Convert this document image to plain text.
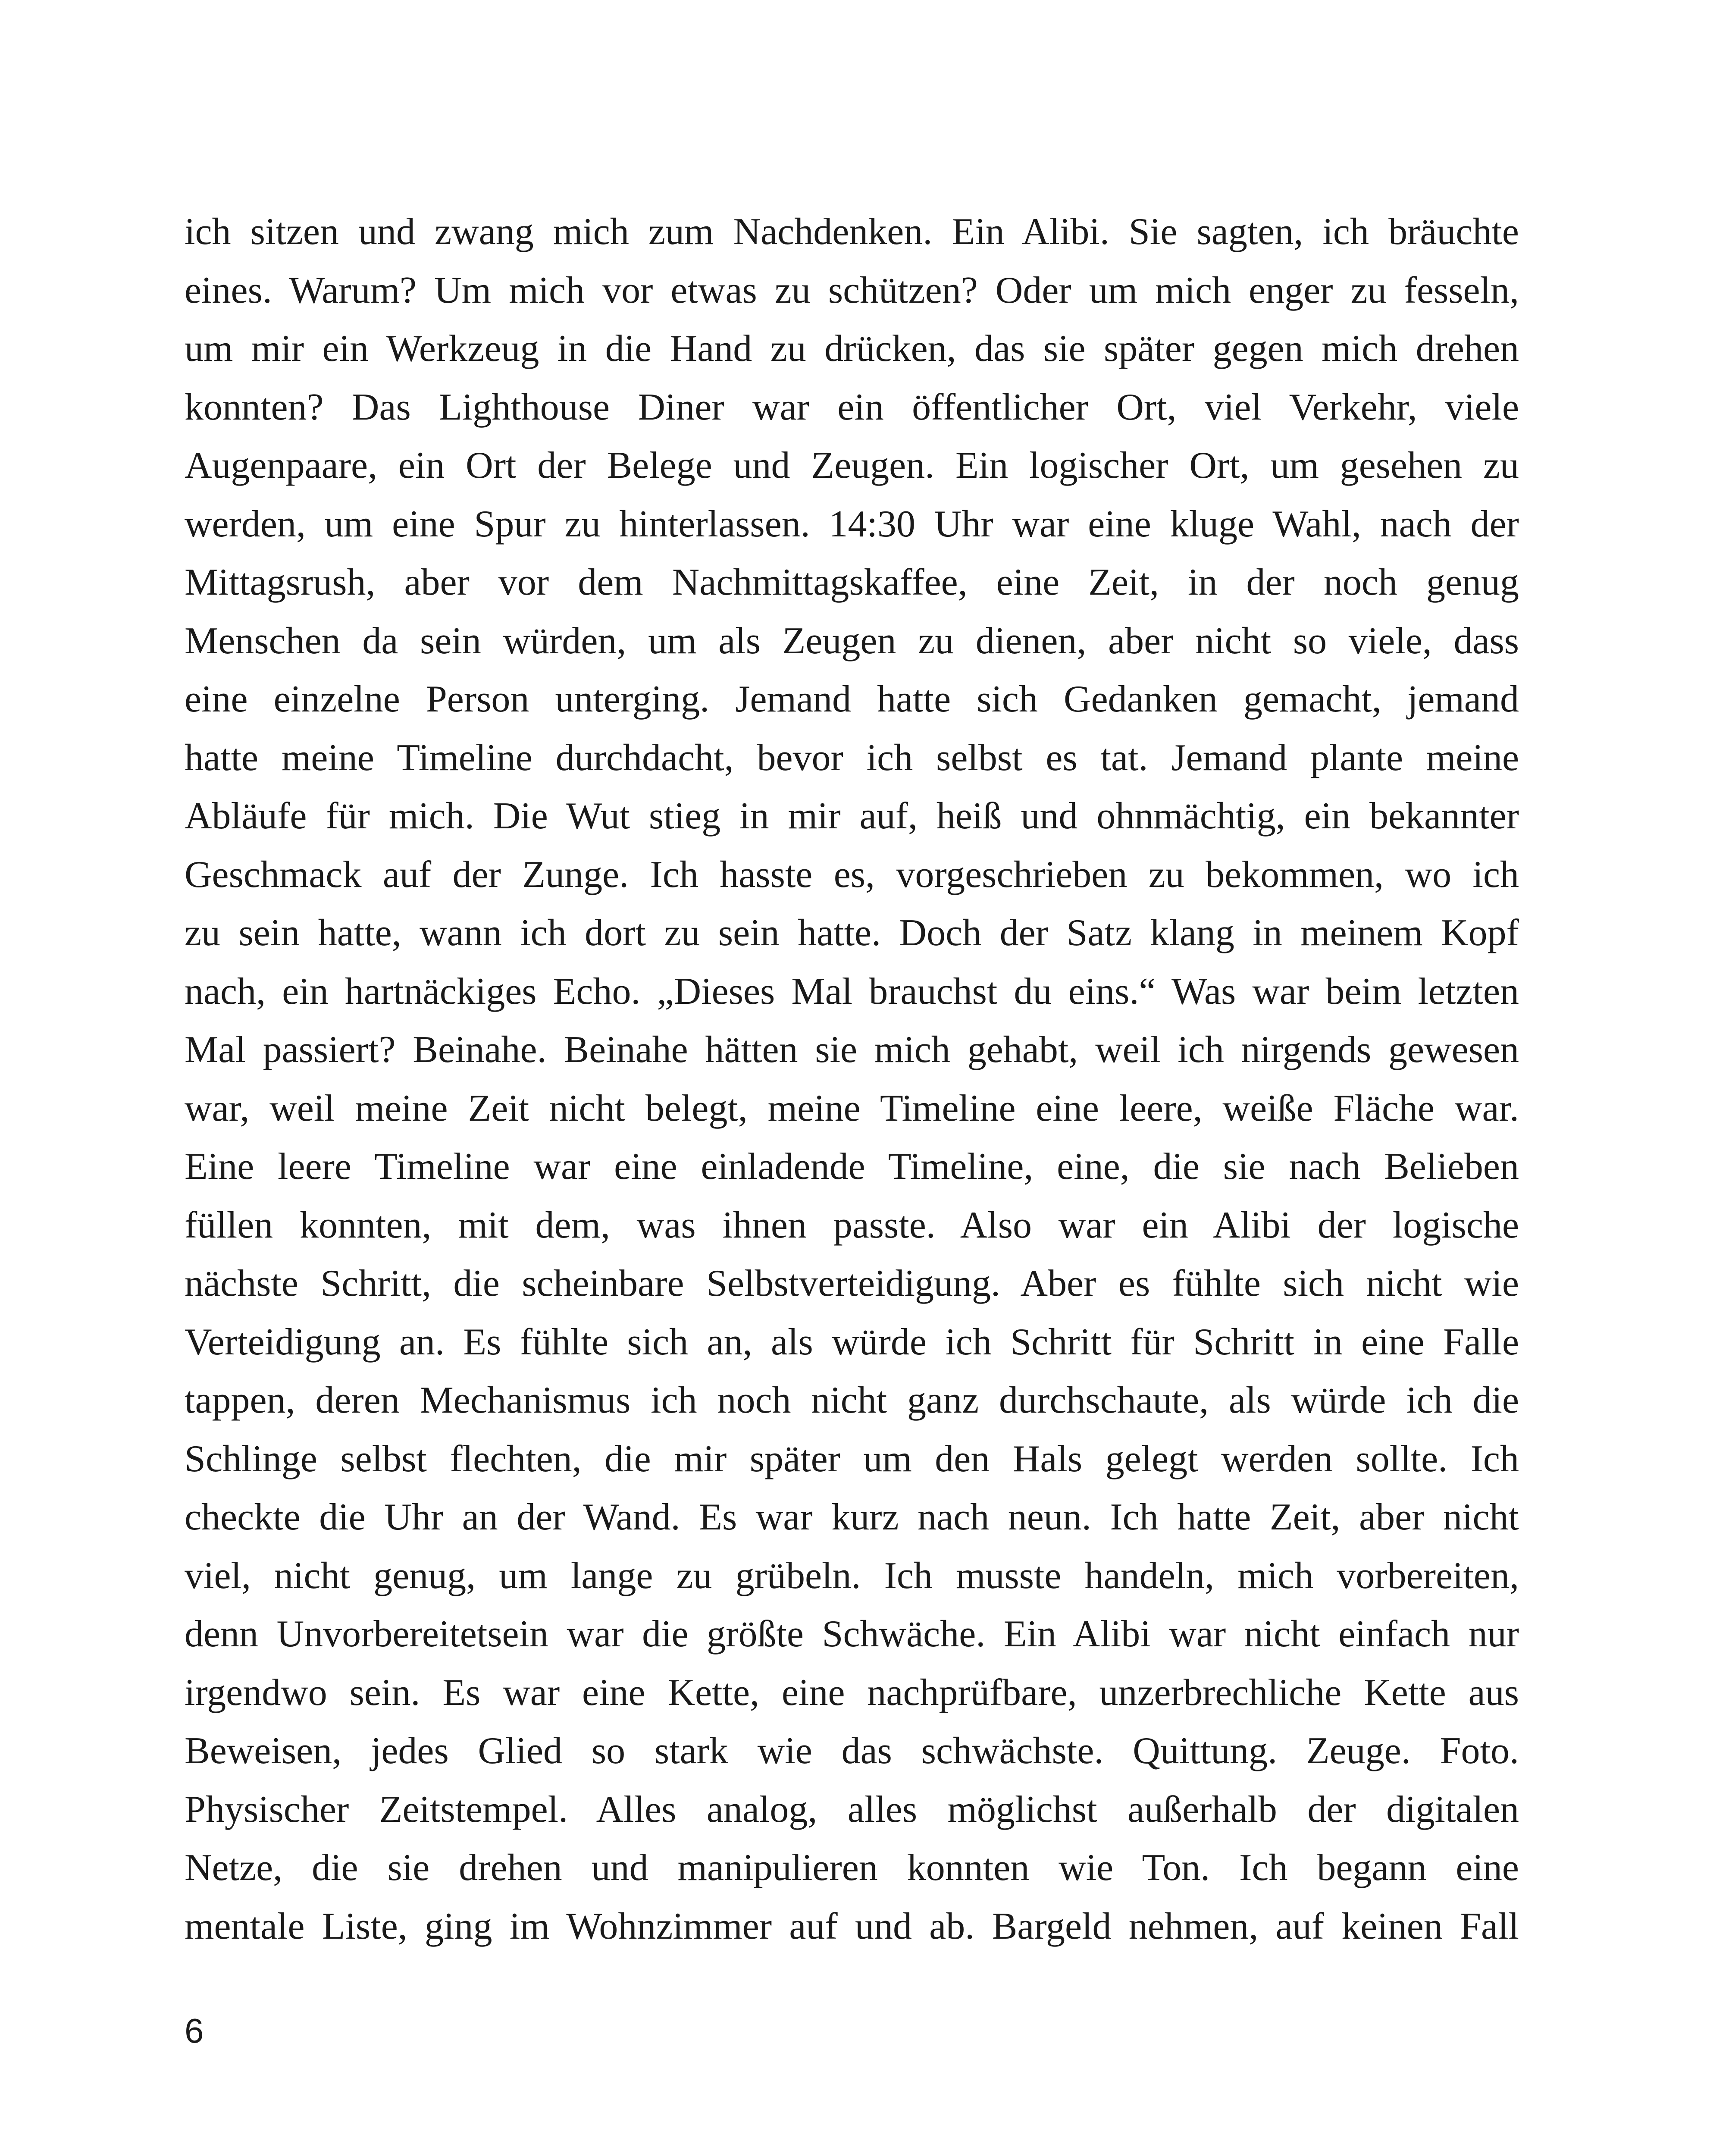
ich sitzen und zwang mich zum Nachdenken. Ein Alibi. Sie sagten, ich bräuchte
eines. Warum? Um mich vor etwas zu schützen? Oder um mich enger zu fesseln,
um mir ein Werkzeug in die Hand zu drücken, das sie später gegen mich drehen
konnten? Das Lighthouse Diner war ein öffentlicher Ort, viel Verkehr, viele
Augenpaare, ein Ort der Belege und Zeugen. Ein logischer Ort, um gesehen zu
werden, um eine Spur zu hinterlassen. 14:30 Uhr war eine kluge Wahl, nach der
Mittagsrush, aber vor dem Nachmittagskaffee, eine Zeit, in der noch genug
Menschen da sein würden, um als Zeugen zu dienen, aber nicht so viele, dass
eine einzelne Person unterging. Jemand hatte sich Gedanken gemacht, jemand
hatte meine Timeline durchdacht, bevor ich selbst es tat. Jemand plante meine
Abläufe für mich. Die Wut stieg in mir auf, heiß und ohnmächtig, ein bekannter
Geschmack auf der Zunge. Ich hasste es, vorgeschrieben zu bekommen, wo ich
zu sein hatte, wann ich dort zu sein hatte. Doch der Satz klang in meinem Kopf
nach, ein hartnäckiges Echo. „Dieses Mal brauchst du eins.“ Was war beim letzten
Mal passiert? Beinahe. Beinahe hätten sie mich gehabt, weil ich nirgends gewesen
war, weil meine Zeit nicht belegt, meine Timeline eine leere, weiße Fläche war.
Eine leere Timeline war eine einladende Timeline, eine, die sie nach Belieben
füllen konnten, mit dem, was ihnen passte. Also war ein Alibi der logische
nächste Schritt, die scheinbare Selbstverteidigung. Aber es fühlte sich nicht wie
Verteidigung an. Es fühlte sich an, als würde ich Schritt für Schritt in eine Falle
tappen, deren Mechanismus ich noch nicht ganz durchschaute, als würde ich die
Schlinge selbst flechten, die mir später um den Hals gelegt werden sollte. Ich
checkte die Uhr an der Wand. Es war kurz nach neun. Ich hatte Zeit, aber nicht
viel, nicht genug, um lange zu grübeln. Ich musste handeln, mich vorbereiten,
denn Unvorbereitetsein war die größte Schwäche. Ein Alibi war nicht einfach nur
irgendwo sein. Es war eine Kette, eine nachprüfbare, unzerbrechliche Kette aus
Beweisen, jedes Glied so stark wie das schwächste. Quittung. Zeuge. Foto.
Physischer Zeitstempel. Alles analog, alles möglichst außerhalb der digitalen
Netze, die sie drehen und manipulieren konnten wie Ton. Ich begann eine
mentale Liste, ging im Wohnzimmer auf und ab. Bargeld nehmen, auf keinen Fall

6
